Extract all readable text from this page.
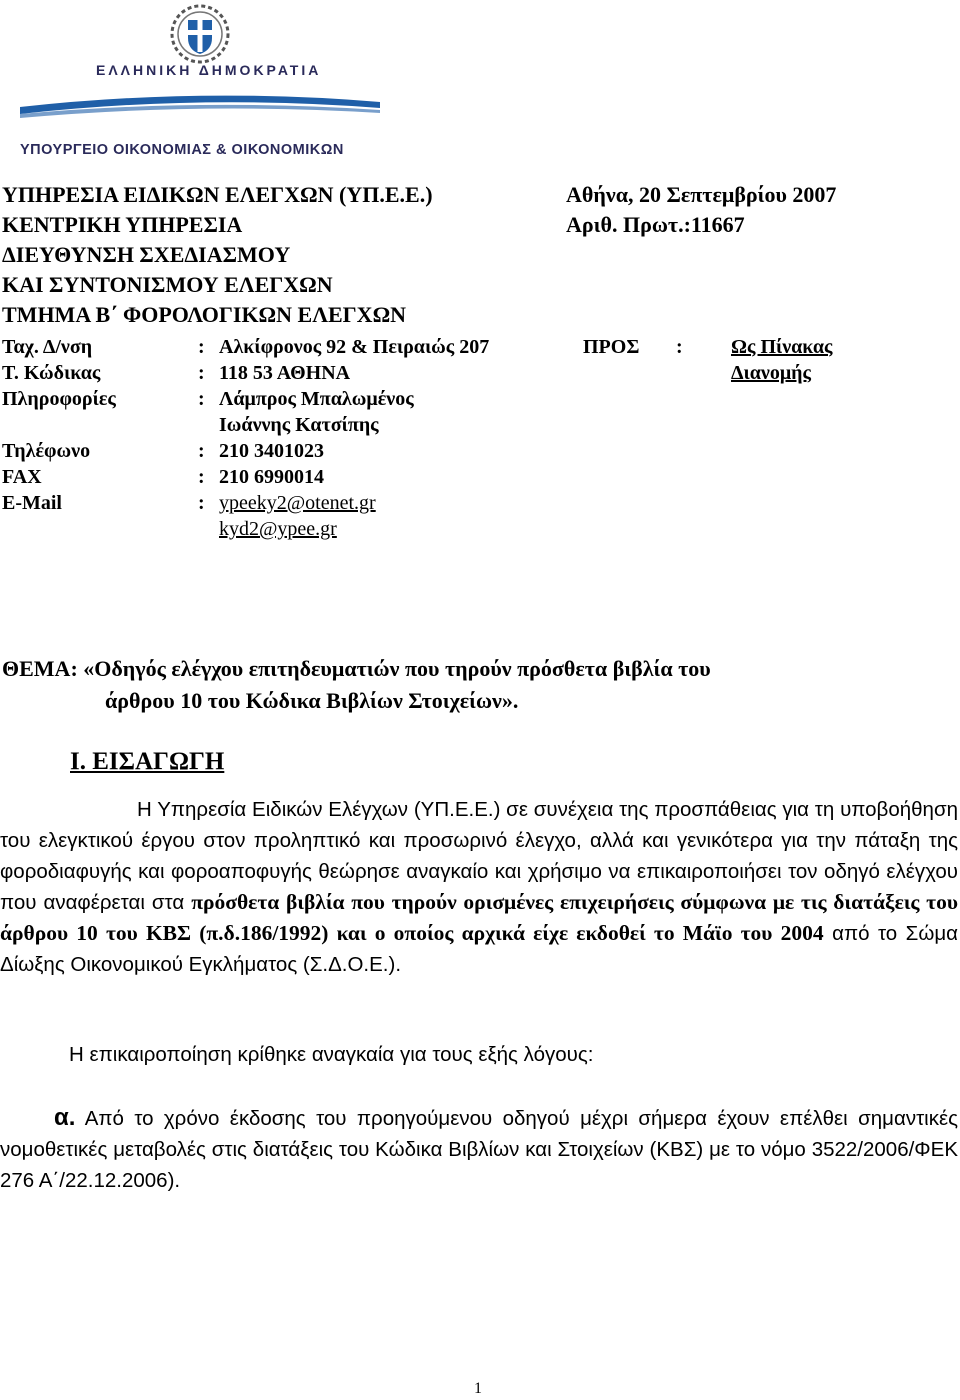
ΕΛΛΗΝΙΚΗ ΔΗΜΟΚΡΑΤΙΑ
ΥΠΟΥΡΓΕΙΟ ΟΙΚΟΝΟΜΙΑΣ & ΟΙΚΟΝΟΜΙΚΩΝ
ΥΠΗΡΕΣΙΑ ΕΙΔΙΚΩΝ ΕΛΕΓΧΩΝ (ΥΠ.Ε.Ε.)
ΚΕΝΤΡΙΚΗ ΥΠΗΡΕΣΙΑ
ΔΙΕΥΘΥΝΣΗ ΣΧΕΔΙΑΣΜΟΥ
ΚΑΙ ΣΥΝΤΟΝΙΣΜΟΥ ΕΛΕΓΧΩΝ
ΤΜΗΜΑ Β΄ ΦΟΡΟΛΟΓΙΚΩΝ ΕΛΕΓΧΩΝ
Αθήνα, 20 Σεπτεμβρίου 2007
Αριθ. Πρωτ.:11667
Ταχ. Δ/νση	: Αλκίφρονος 92 & Πειραιώς 207
Τ. Κώδικας	: 118 53 ΑΘΗΝΑ
Πληροφορίες	: Λάμπρος Μπαλωμένος
Ιωάννης Κατσίπης
Τηλέφωνο	: 210 3401023
FAX	: 210 6990014
E-Mail	: ypeeky2@otenet.gr
kyd2@ypee.gr
ΠΡΟΣ : Ως Πίνακας
Διανομής
ΘΕΜΑ: «Οδηγός ελέγχου επιτηδευματιών που τηρούν πρόσθετα βιβλία του
άρθρου 10 του Κώδικα Βιβλίων Στοιχείων».
Ι. ΕΙΣΑΓΩΓΗ
Η Υπηρεσία Ειδικών Ελέγχων (ΥΠ.Ε.Ε.) σε συνέχεια της προσπάθειας για τη υποβοήθηση του ελεγκτικού έργου στον προληπτικό και προσωρινό έλεγχο, αλλά και γενικότερα για την πάταξη της φοροδιαφυγής και φοροαποφυγής θεώρησε αναγκαίο και χρήσιμο να επικαιροποιήσει τον οδηγό ελέγχου που αναφέρεται στα πρόσθετα βιβλία που τηρούν ορισμένες επιχειρήσεις σύμφωνα με τις διατάξεις του άρθρου 10 του ΚΒΣ (π.δ.186/1992) και ο οποίος αρχικά είχε εκδοθεί το Μάϊο του 2004 από το Σώμα Δίωξης Οικονομικού Εγκλήματος (Σ.Δ.Ο.Ε.).
Η επικαιροποίηση κρίθηκε αναγκαία για τους εξής λόγους:
α. Από το χρόνο έκδοσης του προηγούμενου οδηγού μέχρι σήμερα έχουν επέλθει σημαντικές νομοθετικές μεταβολές στις διατάξεις του Κώδικα Βιβλίων και Στοιχείων (ΚΒΣ) με το νόμο 3522/2006/ΦΕΚ 276 Α΄/22.12.2006).
1
